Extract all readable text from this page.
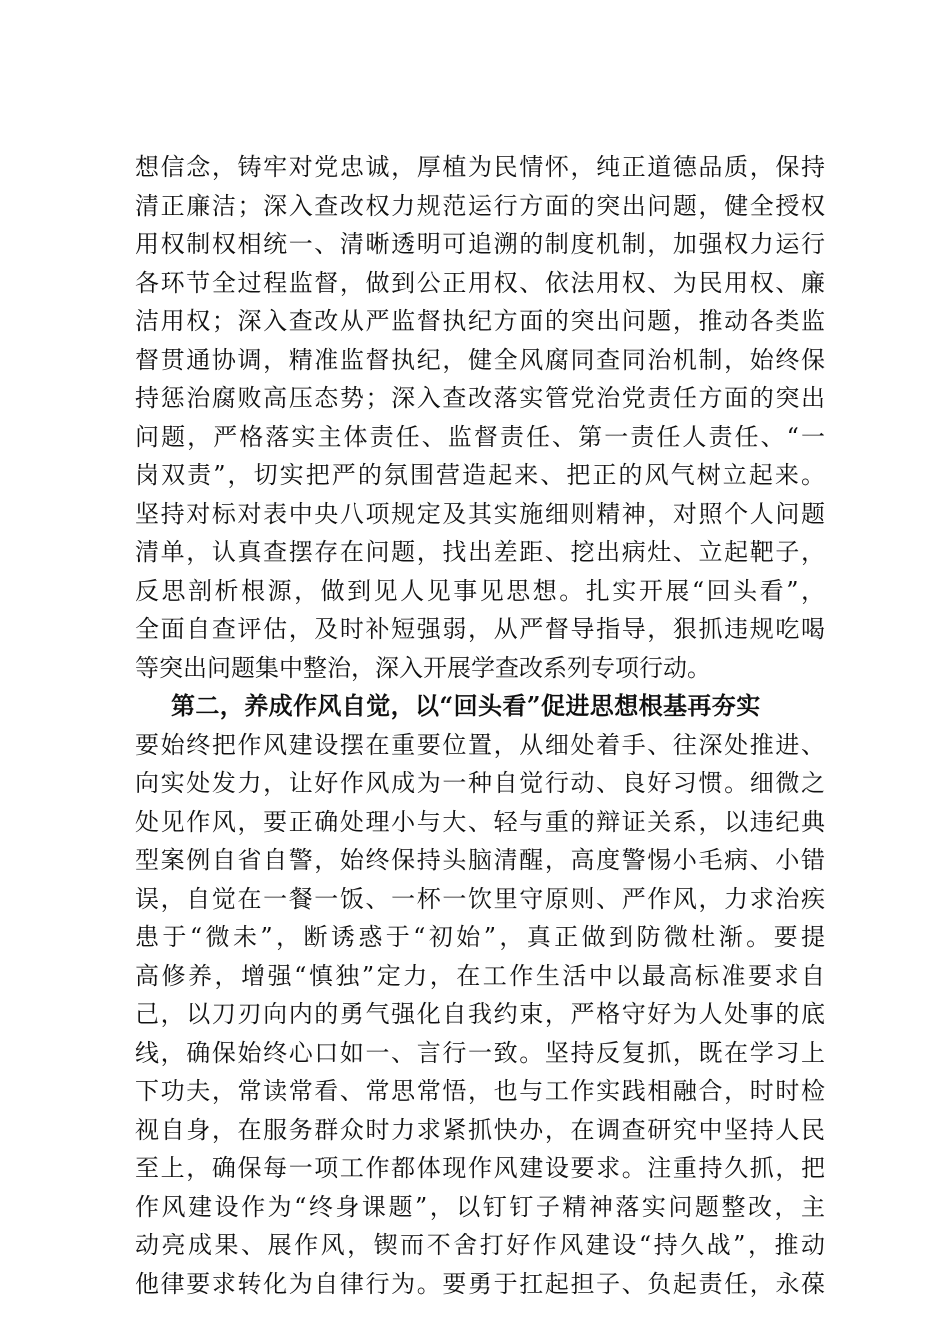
想信念，铸牢对党忠诚，厚植为民情怀，纯正道德品质，保持
清正廉洁；深入查改权力规范运行方面的突出问题，健全授权
用权制权相统一、清晰透明可追溯的制度机制，加强权力运行
各环节全过程监督，做到公正用权、依法用权、为民用权、廉
洁用权；深入查改从严监督执纪方面的突出问题，推动各类监
督贯通协调，精准监督执纪，健全风腐同查同治机制，始终保
持惩治腐败高压态势；深入查改落实管党治党责任方面的突出
问题，严格落实主体责任、监督责任、第一责任人责任、“一
岗双责”，切实把严的氛围营造起来、把正的风气树立起来。
坚持对标对表中央八项规定及其实施细则精神，对照个人问题
清单，认真查摆存在问题，找出差距、挖出病灶、立起靶子，
反思剖析根源，做到见人见事见思想。扎实开展“回头看”，
全面自查评估，及时补短强弱，从严督导指导，狠抓违规吃喝
等突出问题集中整治，深入开展学查改系列专项行动。
第二，养成作风自觉，以“回头看”促进思想根基再夯实
要始终把作风建设摆在重要位置，从细处着手、往深处推进、
向实处发力，让好作风成为一种自觉行动、良好习惯。细微之
处见作风，要正确处理小与大、轻与重的辩证关系，以违纪典
型案例自省自警，始终保持头脑清醒，高度警惕小毛病、小错
误，自觉在一餐一饭、一杯一饮里守原则、严作风，力求治疾
患于“微未”，断诱惑于“初始”，真正做到防微杜渐。要提
高修养，增强“慎独”定力，在工作生活中以最高标准要求自
己，以刀刃向内的勇气强化自我约束，严格守好为人处事的底
线，确保始终心口如一、言行一致。坚持反复抓，既在学习上
下功夫，常读常看、常思常悟，也与工作实践相融合，时时检
视自身，在服务群众时力求紧抓快办，在调查研究中坚持人民
至上，确保每一项工作都体现作风建设要求。注重持久抓，把
作风建设作为“终身课题”，以钉钉子精神落实问题整改，主
动亮成果、展作风，锲而不舍打好作风建设“持久战”，推动
他律要求转化为自律行为。要勇于扛起担子、负起责任，永葆
